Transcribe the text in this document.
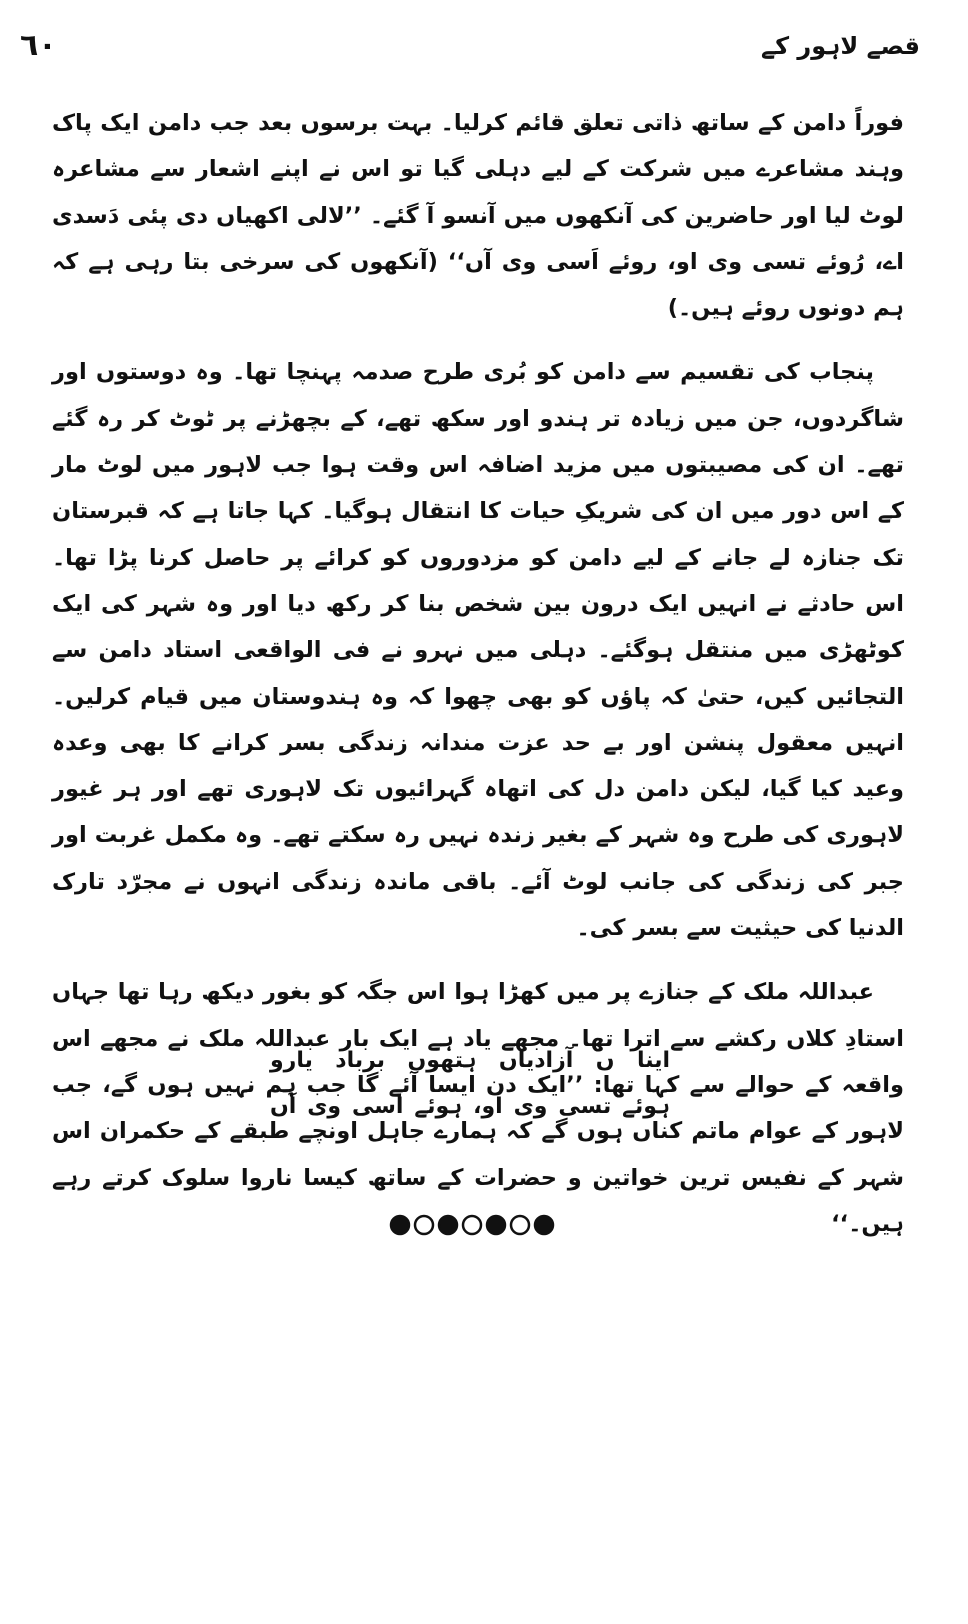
٦٠	قصے لاہور کے

فوراً دامن کے ساتھ ذاتی تعلق قائم کرلیا۔ بہت برسوں بعد جب دامن ایک پاک وہند مشاعرے میں شرکت کے لیے دہلی گیا تو اس نے اپنے اشعار سے مشاعرہ لوٹ لیا اور حاضرین کی آنکھوں میں آنسو آ گئے۔ ’’لالی اکھیاں دی پئی دَسدی اے، رُوئے تسی وی او، روئے اَسی وی آں‘‘ (آنکھوں کی سرخی بتا رہی ہے کہ ہم دونوں روئے ہیں۔)

پنجاب کی تقسیم سے دامن کو بُری طرح صدمہ پہنچا تھا۔ وہ دوستوں اور شاگردوں، جن میں زیادہ تر ہندو اور سکھ تھے، کے بچھڑنے پر ٹوٹ کر رہ گئے تھے۔ ان کی مصیبتوں میں مزید اضافہ اس وقت ہوا جب لاہور میں لوٹ مار کے اس دور میں ان کی شریکِ حیات کا انتقال ہوگیا۔ کہا جاتا ہے کہ قبرستان تک جنازہ لے جانے کے لیے دامن کو مزدوروں کو کرائے پر حاصل کرنا پڑا تھا۔ اس حادثے نے انہیں ایک درون بین شخص بنا کر رکھ دیا اور وہ شہر کی ایک کوٹھڑی میں منتقل ہوگئے۔ دہلی میں نہرو نے فی الواقعی استاد دامن سے التجائیں کیں، حتیٰ کہ پاؤں کو بھی چھوا کہ وہ ہندوستان میں قیام کرلیں۔ انہیں معقول پنشن اور بے حد عزت مندانہ زندگی بسر کرانے کا بھی وعدہ وعید کیا گیا، لیکن دامن دل کی اتھاہ گہرائیوں تک لاہوری تھے اور ہر غیور لاہوری کی طرح وہ شہر کے بغیر زندہ نہیں رہ سکتے تھے۔ وہ مکمل غربت اور جبر کی زندگی کی جانب لوٹ آئے۔ باقی ماندہ زندگی انہوں نے مجرّد تارک الدنیا کی حیثیت سے بسر کی۔

عبداللہ ملک کے جنازے پر میں کھڑا ہوا اس جگہ کو بغور دیکھ رہا تھا جہاں استادِ کلاں رکشے سے اترا تھا۔ مجھے یاد ہے ایک بار عبداللہ ملک نے مجھے اس واقعہ کے حوالے سے کہا تھا: ’’ایک دن ایسا آئے گا جب ہم نہیں ہوں گے، جب لاہور کے عوام ماتم کناں ہوں گے کہ ہمارے جاہل اونچے طبقے کے حکمران اس شہر کے نفیس ترین خواتین و حضرات کے ساتھ کیسا ناروا سلوک کرتے رہے ہیں۔‘‘

اینا ں آزادیاں ہتھوں برباد یارو
ہوئے تسی وی او، ہوئے اسی وی آں
